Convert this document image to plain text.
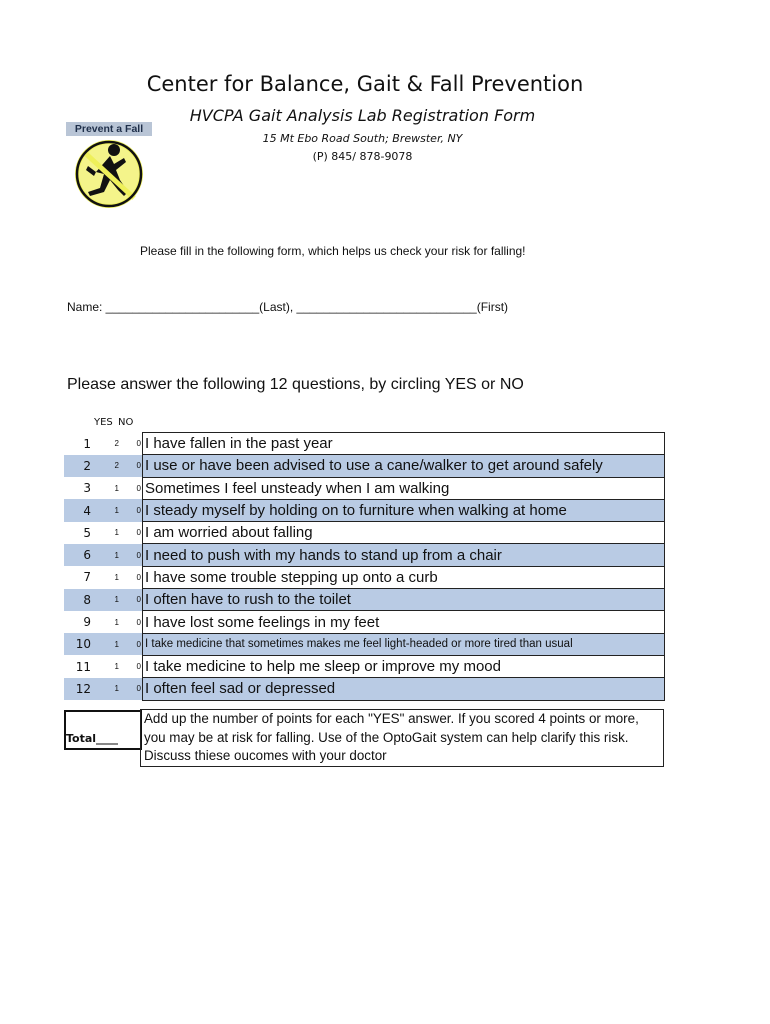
Center for Balance, Gait & Fall Prevention
HVCPA Gait Analysis Lab Registration Form
15 Mt Ebo Road South; Brewster, NY
(P) 845/ 878-9078
Prevent a Fall
Please fill in the following form, which helps us check your risk for falling!
Name: _______________________(Last), ___________________________(First)
Please answer the following 12 questions, by circling YES or NO
YES NO
1	2	0	I have fallen in the past year
2	2	0	I use or have been advised to use a cane/walker to get around safely
3	1	0	Sometimes I feel unsteady when I am walking
4	1	0	I steady myself by holding on to furniture when walking at home
5	1	0	I am worried about falling
6	1	0	I need to push with my hands to stand up from a chair
7	1	0	I have some trouble stepping up onto a curb
8	1	0	I often have to rush to the toilet
9	1	0	I have lost some feelings in my feet
10	1	0	I take medicine that sometimes makes me feel light-headed or more tired than usual
11	1	0	I take medicine to help me sleep or improve my mood
12	1	0	I often feel sad or depressed
Total____
Add up the number of points for each "YES" answer. If you scored 4 points or more, you may be at risk for falling. Use of the OptoGait system can help clarify this risk. Discuss thiese oucomes with your doctor
